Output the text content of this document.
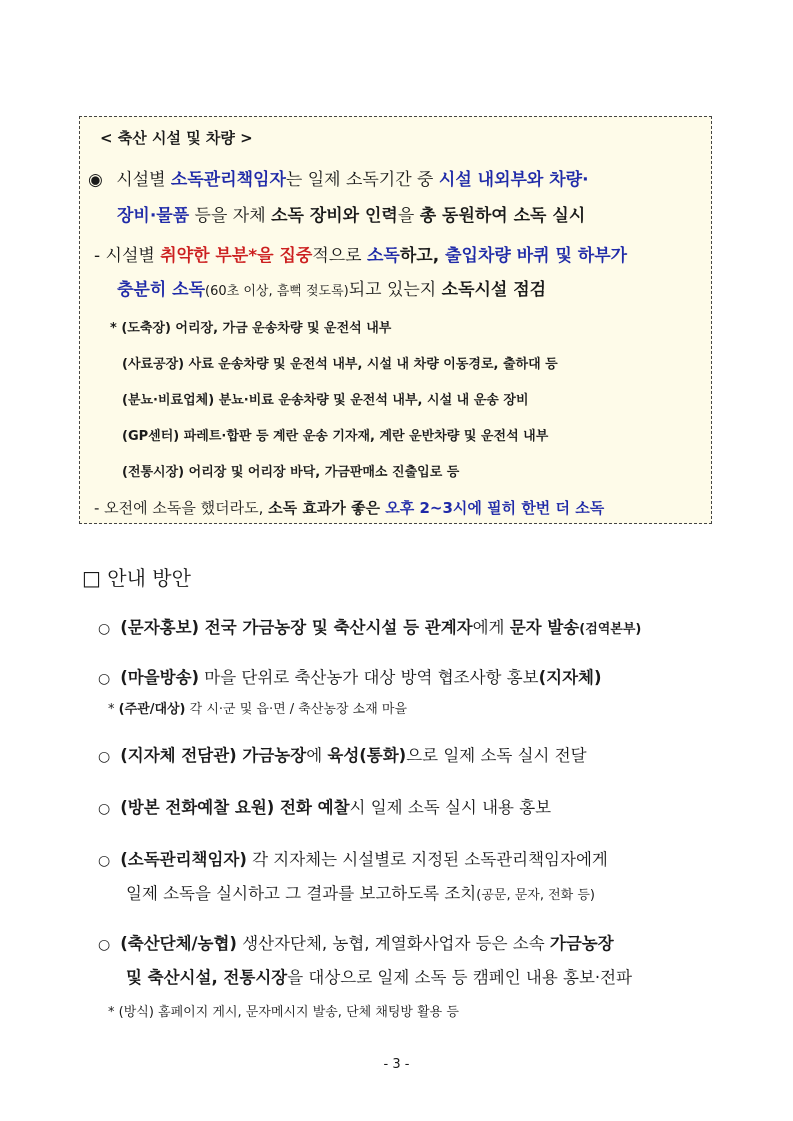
< 축산 시설 및 차량 >
◉ 시설별 소독관리책임자는 일제 소독기간 중 시설 내외부와 차량·
장비·물품 등을 자체 소독 장비와 인력을 총 동원하여 소독 실시
- 시설별 취약한 부분*을 집중적으로 소독하고, 출입차량 바퀴 및 하부가
충분히 소독(60초 이상, 흠뻑 젖도록)되고 있는지 소독시설 점검
* (도축장) 어리장, 가금 운송차량 및 운전석 내부
(사료공장) 사료 운송차량 및 운전석 내부, 시설 내 차량 이동경로, 출하대 등
(분뇨·비료업체) 분뇨·비료 운송차량 및 운전석 내부, 시설 내 운송 장비
(GP센터) 파레트·합판 등 계란 운송 기자재, 계란 운반차량 및 운전석 내부
(전통시장) 어리장 및 어리장 바닥, 가금판매소 진출입로 등
- 오전에 소독을 했더라도, 소독 효과가 좋은 오후 2~3시에 필히 한번 더 소독
□ 안내 방안
○ (문자홍보) 전국 가금농장 및 축산시설 등 관계자에게 문자 발송(검역본부)
○ (마을방송) 마을 단위로 축산농가 대상 방역 협조사항 홍보(지자체)
* (주관/대상) 각 시·군 및 읍·면 / 축산농장 소재 마을
○ (지자체 전담관) 가금농장에 육성(통화)으로 일제 소독 실시 전달
○ (방본 전화예찰 요원) 전화 예찰시 일제 소독 실시 내용 홍보
○ (소독관리책임자) 각 지자체는 시설별로 지정된 소독관리책임자에게
일제 소독을 실시하고 그 결과를 보고하도록 조치(공문, 문자, 전화 등)
○ (축산단체/농협) 생산자단체, 농협, 계열화사업자 등은 소속 가금농장
및 축산시설, 전통시장을 대상으로 일제 소독 등 캠페인 내용 홍보·전파
* (방식) 홈페이지 게시, 문자메시지 발송, 단체 채팅방 활용 등
- 3 -
